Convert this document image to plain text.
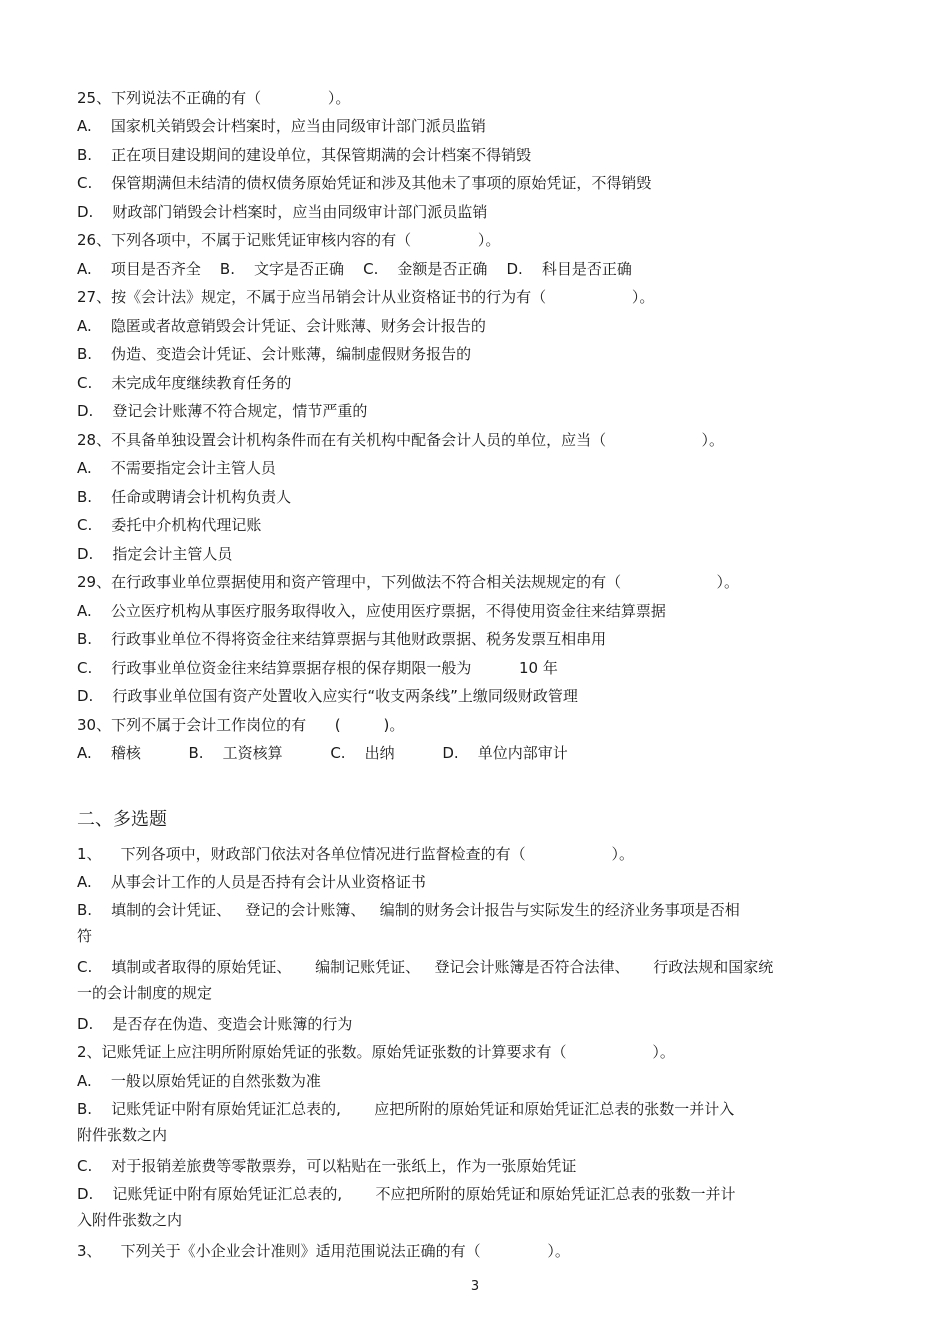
25、下列说法不正确的有（              ）。
A.    国家机关销毁会计档案时，应当由同级审计部门派员监销
B.    正在项目建设期间的建设单位，其保管期满的会计档案不得销毁
C.    保管期满但未结清的债权债务原始凭证和涉及其他未了事项的原始凭证，不得销毁
D.    财政部门销毁会计档案时，应当由同级审计部门派员监销
26、下列各项中，不属于记账凭证审核内容的有（              ）。
A.    项目是否齐全    B.    文字是否正确    C.    金额是否正确    D.    科目是否正确
27、按《会计法》规定，不属于应当吊销会计从业资格证书的行为有（                  ）。
A.    隐匿或者故意销毁会计凭证、会计账薄、财务会计报告的
B.    伪造、变造会计凭证、会计账薄，编制虚假财务报告的
C.    未完成年度继续教育任务的
D.    登记会计账薄不符合规定，情节严重的
28、不具备单独设置会计机构条件而在有关机构中配备会计人员的单位，应当（                    ）。
A.    不需要指定会计主管人员
B.    任命或聘请会计机构负责人
C.    委托中介机构代理记账
D.    指定会计主管人员
29、在行政事业单位票据使用和资产管理中，下列做法不符合相关法规规定的有（                    ）。
A.    公立医疗机构从事医疗服务取得收入，应使用医疗票据，不得使用资金往来结算票据
B.    行政事业单位不得将资金往来结算票据与其他财政票据、税务发票互相串用
C.    行政事业单位资金往来结算票据存根的保存期限一般为          10 年
D.    行政事业单位国有资产处置收入应实行“收支两条线”上缴同级财政管理
30、下列不属于会计工作岗位的有      (         )。
A.    稽核          B.    工资核算          C.    出纳          D.    单位内部审计
二、多选题
1、    下列各项中，财政部门依法对各单位情况进行监督检查的有（                  ）。
A.    从事会计工作的人员是否持有会计从业资格证书
B.    填制的会计凭证、   登记的会计账簿、   编制的财务会计报告与实际发生的经济业务事项是否相
符
C.    填制或者取得的原始凭证、     编制记账凭证、   登记会计账簿是否符合法律、     行政法规和国家统
一的会计制度的规定
D.    是否存在伪造、变造会计账簿的行为
2、记账凭证上应注明所附原始凭证的张数。原始凭证张数的计算要求有（                  ）。
A.    一般以原始凭证的自然张数为准
B.    记账凭证中附有原始凭证汇总表的,       应把所附的原始凭证和原始凭证汇总表的张数一并计入
附件张数之内
C.    对于报销差旅费等零散票券，可以粘贴在一张纸上，作为一张原始凭证
D.    记账凭证中附有原始凭证汇总表的,       不应把所附的原始凭证和原始凭证汇总表的张数一并计
入附件张数之内
3、    下列关于《小企业会计准则》适用范围说法正确的有（              ）。
3
